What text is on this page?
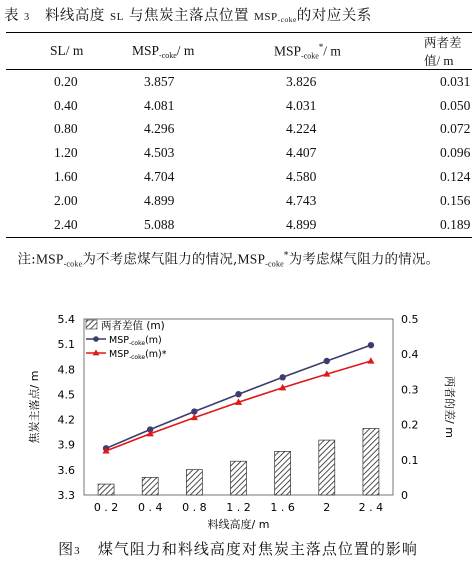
表 3 料线高度 SL 与焦炭主落点位置 MSP-coke的对应关系
SL/ m	$MSP_{-coke}/$ m	$MSP_{-coke}^*/$ m	两者差值/ m
0.20	3.857	3.826	0.031
0.40	4.081	4.031	0.050
0.80	4.296	4.224	0.072
1.20	4.503	4.407	0.096
1.60	4.704	4.580	0.124
2.00	4.899	4.743	0.156
2.40	5.088	4.899	0.189
注$:MSP_{-coke}$为不考虑煤气阻力的情况$,MSP_{-coke}^*$为考虑煤气阻力的情况。
3.3
3.6
3.9
4.2
4.5
4.8
5.1
5.4
0
0.1
0.2
0.3
0.4
0.5
0 . 2 0 . 4 0 . 8 1 . 2 1 . 6	2	2 . 4
两者差值 (m)
$MSP_{-coke}(m)$
$MSP_{-coke}(m)*$
焦炭主落点/ m	两者的差/ m
料线高度/ m
图3 煤气阻力和料线高度对焦炭主落点位置的影响
